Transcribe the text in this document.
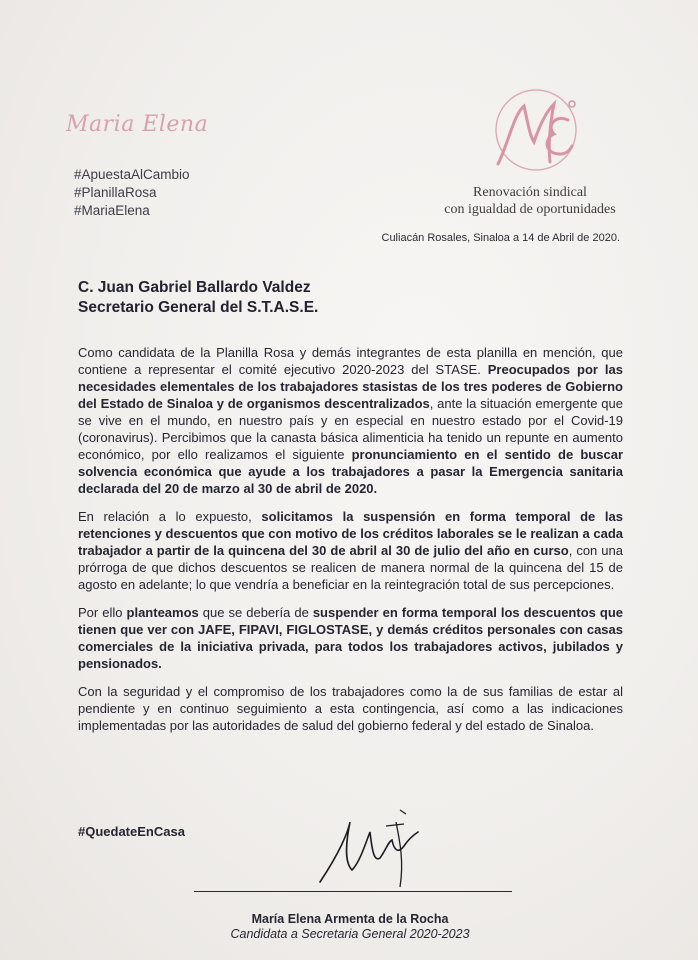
Maria Elena
#ApuestaAlCambio
#PlanillaRosa
#MariaElena
Renovación sindical
con igualdad de oportunidades
Culiacán Rosales, Sinaloa a 14 de Abril de 2020.
C. Juan Gabriel Ballardo Valdez
Secretario General del S.T.A.S.E.

Como candidata de la Planilla Rosa y demás integrantes de esta planilla en mención, que contiene a representar el comité ejecutivo 2020-2023 del STASE. Preocupados por las necesidades elementales de los trabajadores stasistas de los tres poderes de Gobierno del Estado de Sinaloa y de organismos descentralizados, ante la situación emergente que se vive en el mundo, en nuestro país y en especial en nuestro estado por el Covid-19 (coronavirus). Percibimos que la canasta básica alimenticia ha tenido un repunte en aumento económico, por ello realizamos el siguiente pronunciamiento en el sentido de buscar solvencia económica que ayude a los trabajadores a pasar la Emergencia sanitaria declarada del 20 de marzo al 30 de abril de 2020.

En relación a lo expuesto, solicitamos la suspensión en forma temporal de las retenciones y descuentos que con motivo de los créditos laborales se le realizan a cada trabajador a partir de la quincena del 30 de abril al 30 de julio del año en curso, con una prórroga de que dichos descuentos se realicen de manera normal de la quincena del 15 de agosto en adelante; lo que vendría a beneficiar en la reintegración total de sus percepciones.

Por ello planteamos que se debería de suspender en forma temporal los descuentos que tienen que ver con JAFE, FIPAVI, FIGLOSTASE, y demás créditos personales con casas comerciales de la iniciativa privada, para todos los trabajadores activos, jubilados y pensionados.

Con la seguridad y el compromiso de los trabajadores como la de sus familias de estar al pendiente y en continuo seguimiento a esta contingencia, así como a las indicaciones implementadas por las autoridades de salud del gobierno federal y del estado de Sinaloa.

#QuedateEnCasa
María Elena Armenta de la Rocha
Candidata a Secretaria General 2020-2023
